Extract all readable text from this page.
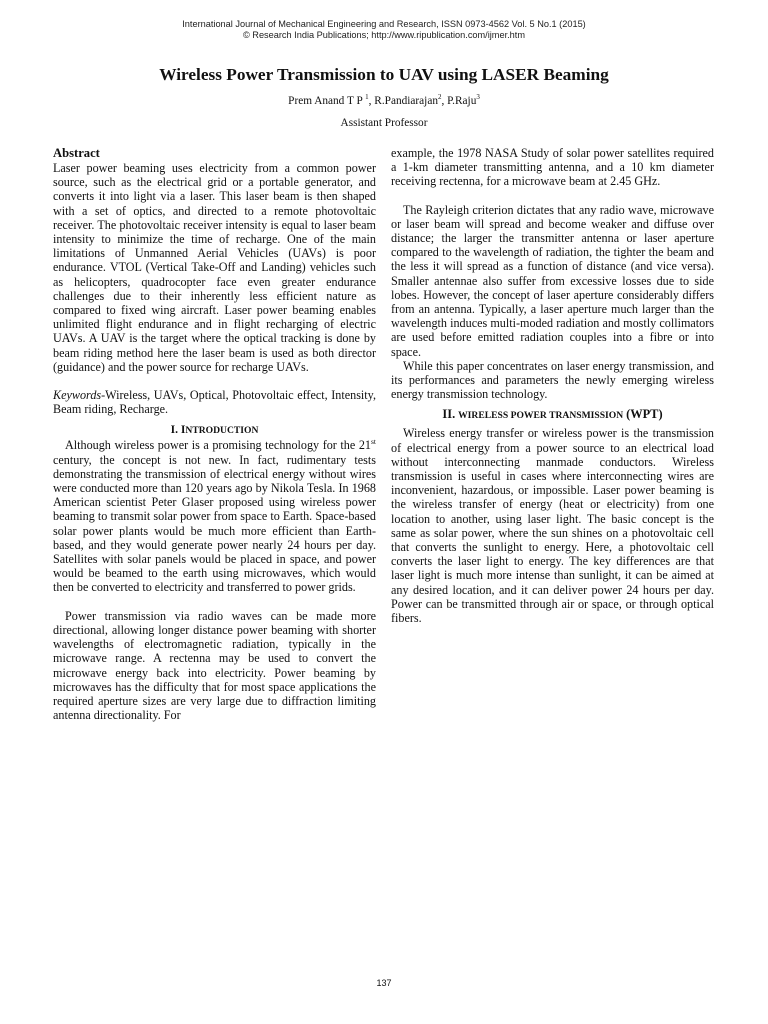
International Journal of Mechanical Engineering and Research, ISSN 0973-4562 Vol. 5 No.1 (2015)
© Research India Publications; http://www.ripublication.com/ijmer.htm
Wireless Power Transmission to UAV using LASER Beaming
Prem Anand T P $^1$, R.Pandiarajan$^2$, P.Raju$^3$
Assistant Professor

Abstract

Laser power beaming uses electricity from a common power source, such as the electrical grid or a portable generator, and converts it into light via a laser. This laser beam is then shaped with a set of optics, and directed to a remote photovoltaic receiver. The photovoltaic receiver intensity is equal to laser beam intensity to minimize the time of recharge. One of the main limitations of Unmanned Aerial Vehicles (UAVs) is poor endurance. VTOL (Vertical Take-Off and Landing) vehicles such as helicopters, quadrocopter face even greater endurance challenges due to their inherently less efficient nature as compared to fixed wing aircraft. Laser power beaming enables unlimited flight endurance and in flight recharging of electric UAVs. A UAV is the target where the optical tracking is done by beam riding method here the laser beam is used as both director (guidance) and the power source for recharge UAVs.

Keywords-Wireless, UAVs, Optical, Photovoltaic effect, Intensity, Beam riding, Recharge.

I. INTRODUCTION

Although wireless power is a promising technology for the 21st century, the concept is not new. In fact, rudimentary tests demonstrating the transmission of electrical energy without wires were conducted more than 120 years ago by Nikola Tesla. In 1968 American scientist Peter Glaser proposed using wireless power beaming to transmit solar power from space to Earth. Space-based solar power plants would be much more efficient than Earth-based, and they would generate power nearly 24 hours per day. Satellites with solar panels would be placed in space, and power would be beamed to the earth using microwaves, which would then be converted to electricity and transferred to power grids.

Power transmission via radio waves can be made more directional, allowing longer distance power beaming with shorter wavelengths of electromagnetic radiation, typically in the microwave range. A rectenna may be used to convert the microwave energy back into electricity. Power beaming by microwaves has the difficulty that for most space applications the required aperture sizes are very large due to diffraction limiting antenna directionality. For

example, the 1978 NASA Study of solar power satellites required a 1-km diameter transmitting antenna, and a 10 km diameter receiving rectenna, for a microwave beam at 2.45 GHz.

The Rayleigh criterion dictates that any radio wave, microwave or laser beam will spread and become weaker and diffuse over distance; the larger the transmitter antenna or laser aperture compared to the wavelength of radiation, the tighter the beam and the less it will spread as a function of distance (and vice versa). Smaller antennae also suffer from excessive losses due to side lobes. However, the concept of laser aperture considerably differs from an antenna. Typically, a laser aperture much larger than the wavelength induces multi-moded radiation and mostly collimators are used before emitted radiation couples into a fibre or into space.

While this paper concentrates on laser energy transmission, and its performances and parameters the newly emerging wireless energy transmission technology.

II. WIRELESS POWER TRANSMISSION (WPT)

Wireless energy transfer or wireless power is the transmission of electrical energy from a power source to an electrical load without interconnecting manmade conductors. Wireless transmission is useful in cases where interconnecting wires are inconvenient, hazardous, or impossible. Laser power beaming is the wireless transfer of energy (heat or electricity) from one location to another, using laser light. The basic concept is the same as solar power, where the sun shines on a photovoltaic cell that converts the sunlight to energy. Here, a photovoltaic cell converts the laser light to energy. The key differences are that laser light is much more intense than sunlight, it can be aimed at any desired location, and it can deliver power 24 hours per day. Power can be transmitted through air or space, or through optical fibers.

137
